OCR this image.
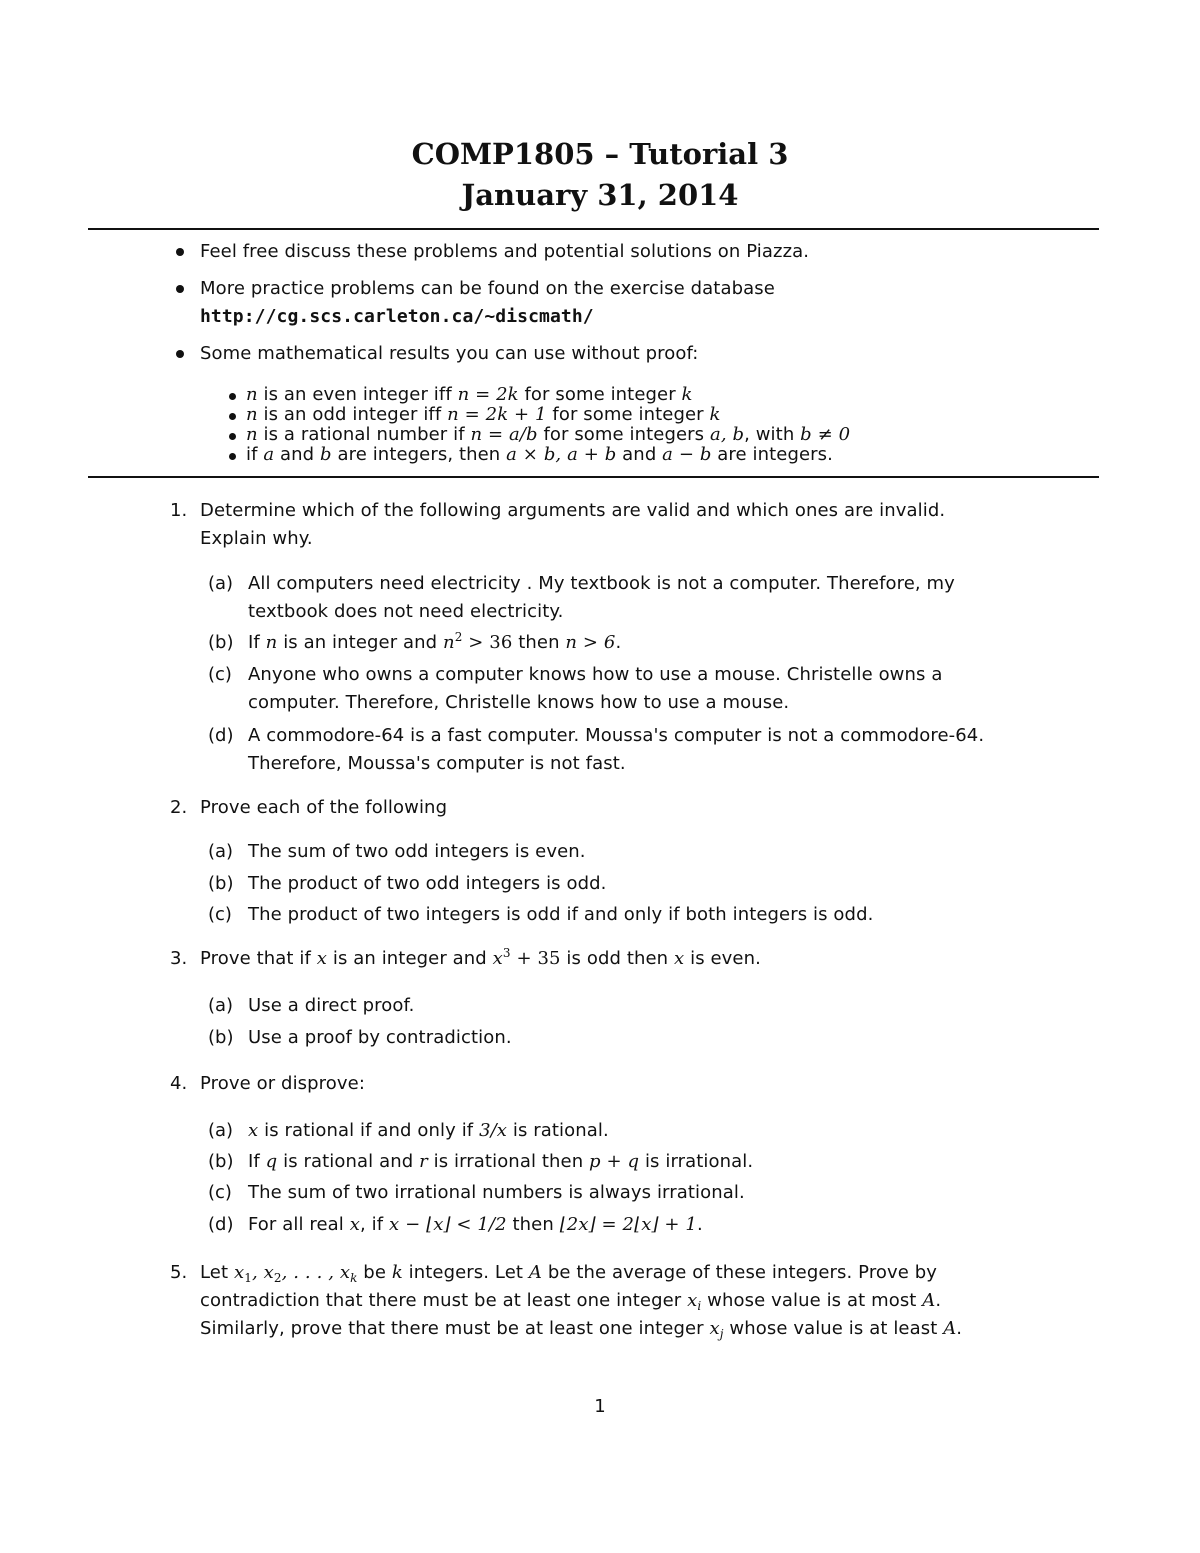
COMP1805 – Tutorial 3
January 31, 2014
Feel free discuss these problems and potential solutions on Piazza.
More practice problems can be found on the exercise database
http://cg.scs.carleton.ca/~discmath/
Some mathematical results you can use without proof:
n is an even integer iff n = 2k for some integer k
n is an odd integer iff n = 2k + 1 for some integer k
n is a rational number if n = a/b for some integers a, b, with b ≠ 0
if a and b are integers, then a × b, a + b and a − b are integers.
1. Determine which of the following arguments are valid and which ones are invalid.
Explain why.
(a) All computers need electricity . My textbook is not a computer. Therefore, my
textbook does not need electricity.
(b) If n is an integer and $n^2 > 36$ then n > 6.
(c) Anyone who owns a computer knows how to use a mouse. Christelle owns a
computer. Therefore, Christelle knows how to use a mouse.
(d) A commodore-64 is a fast computer. Moussa's computer is not a commodore-64.
Therefore, Moussa's computer is not fast.
2. Prove each of the following
(a) The sum of two odd integers is even.
(b) The product of two odd integers is odd.
(c) The product of two integers is odd if and only if both integers is odd.
3. Prove that if x is an integer and $x^3 + 35$ is odd then x is even.
(a) Use a direct proof.
(b) Use a proof by contradiction.
4. Prove or disprove:
(a) x is rational if and only if 3/x is rational.
(b) If q is rational and r is irrational then p + q is irrational.
(c) The sum of two irrational numbers is always irrational.
(d) For all real x, if x − ⌊x⌋ < 1/2 then ⌊2x⌋ = 2⌊x⌋ + 1.
5. Let $x_1$, $x_2$, . . . , $x_k$ be k integers. Let A be the average of these integers. Prove by
contradiction that there must be at least one integer $x_i$ whose value is at most A.
Similarly, prove that there must be at least one integer $x_j$ whose value is at least A.
1
